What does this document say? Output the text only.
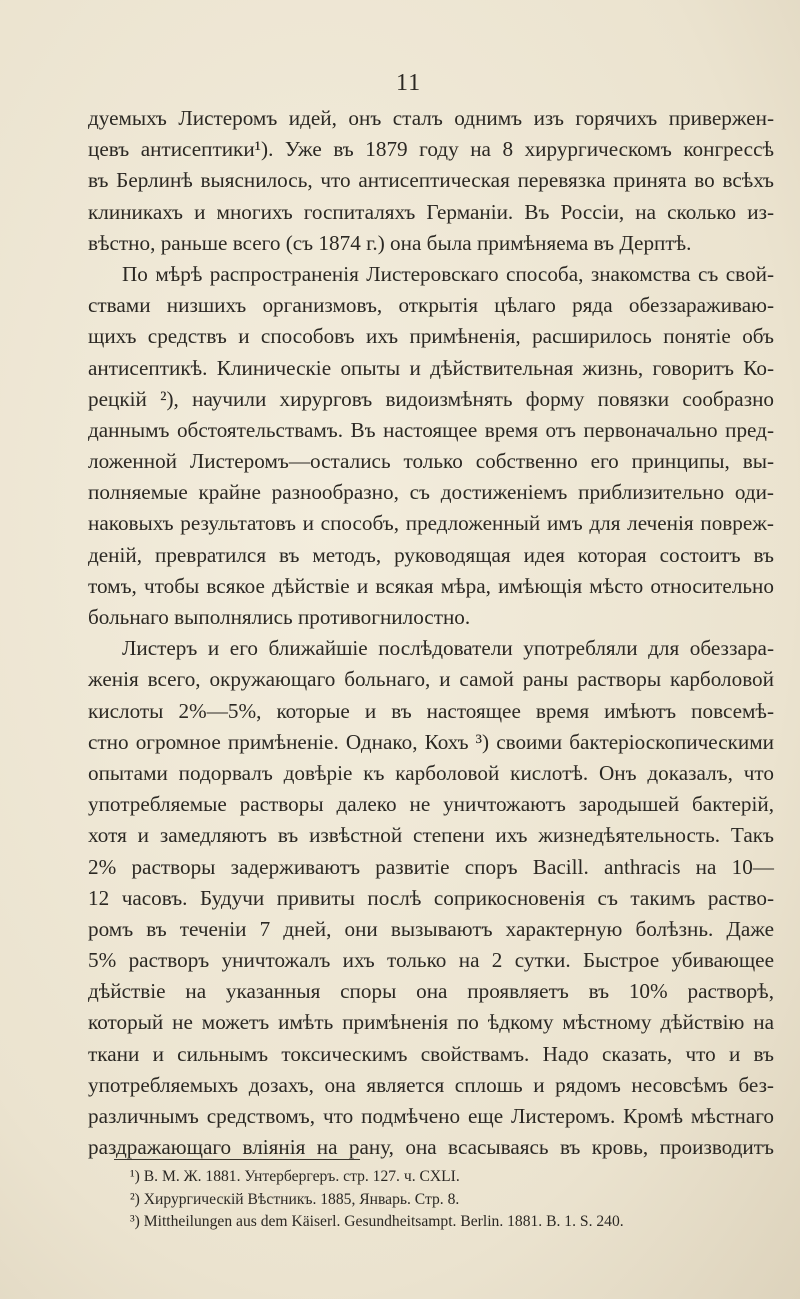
11
дуемыхъ Листеромъ идей, онъ сталъ однимъ изъ горячихъ привержен-
цевъ антисептики¹). Уже въ 1879 году на 8 хирургическомъ конгрессѣ
въ Берлинѣ выяснилось, что антисептическая перевязка принята во всѣхъ
клиникахъ и многихъ госпиталяхъ Германіи. Въ Россіи, на сколько из-
вѣстно, раньше всего (съ 1874 г.) она была примѣняема въ Дерптѣ.
По мѣрѣ распространенія Листеровскаго способа, знакомства съ свой-
ствами низшихъ организмовъ, открытія цѣлаго ряда обеззараживаю-
щихъ средствъ и способовъ ихъ примѣненія, расширилось понятіе объ
антисептикѣ. Клиническіе опыты и дѣйствительная жизнь, говоритъ Ко-
рецкій ²), научили хирурговъ видоизмѣнять форму повязки сообразно
даннымъ обстоятельствамъ. Въ настоящее время отъ первоначально пред-
ложенной Листеромъ—остались только собственно его принципы, вы-
полняемые крайне разнообразно, съ достиженіемъ приблизительно оди-
наковыхъ результатовъ и способъ, предложенный имъ для леченія повреж-
деній, превратился въ методъ, руководящая идея которая состоитъ въ
томъ, чтобы всякое дѣйствіе и всякая мѣра, имѣющія мѣсто относительно
больнаго выполнялись противогнилостно.
Листеръ и его ближайшіе послѣдователи употребляли для обеззара-
женія всего, окружающаго больнаго, и самой раны растворы карболовой
кислоты 2%—5%, которые и въ настоящее время имѣютъ повсемѣ-
стно огромное примѣненіе. Однако, Кохъ ³) своими бактеріоскопическими
опытами подорвалъ довѣріе къ карболовой кислотѣ. Онъ доказалъ, что
употребляемые растворы далеко не уничтожаютъ зародышей бактерій,
хотя и замедляютъ въ извѣстной степени ихъ жизнедѣятельность. Такъ
2% растворы задерживаютъ развитіе споръ Bacill. anthracis на 10—
12 часовъ. Будучи привиты послѣ соприкосновенія съ такимъ раство-
ромъ въ теченіи 7 дней, они вызываютъ характерную болѣзнь. Даже
5% растворъ уничтожалъ ихъ только на 2 сутки. Быстрое убивающее
дѣйствіе на указанныя споры она проявляетъ въ 10% растворѣ,
который не можетъ имѣть примѣненія по ѣдкому мѣстному дѣйствію на
ткани и сильнымъ токсическимъ свойствамъ. Надо сказать, что и въ
употребляемыхъ дозахъ, она является сплошь и рядомъ несовсѣмъ без-
различнымъ средствомъ, что подмѣчено еще Листеромъ. Кромѣ мѣстнаго
раздражающаго вліянія на рану, она всасываясь въ кровь, производитъ
¹) В. М. Ж. 1881. Унтербергеръ. стр. 127. ч. CXLI.
²) Хирургическій Вѣстникъ. 1885, Январь. Стр. 8.
³) Mittheilungen aus dem Käiserl. Gesundheitsampt. Berlin. 1881. B. 1. S. 240.
